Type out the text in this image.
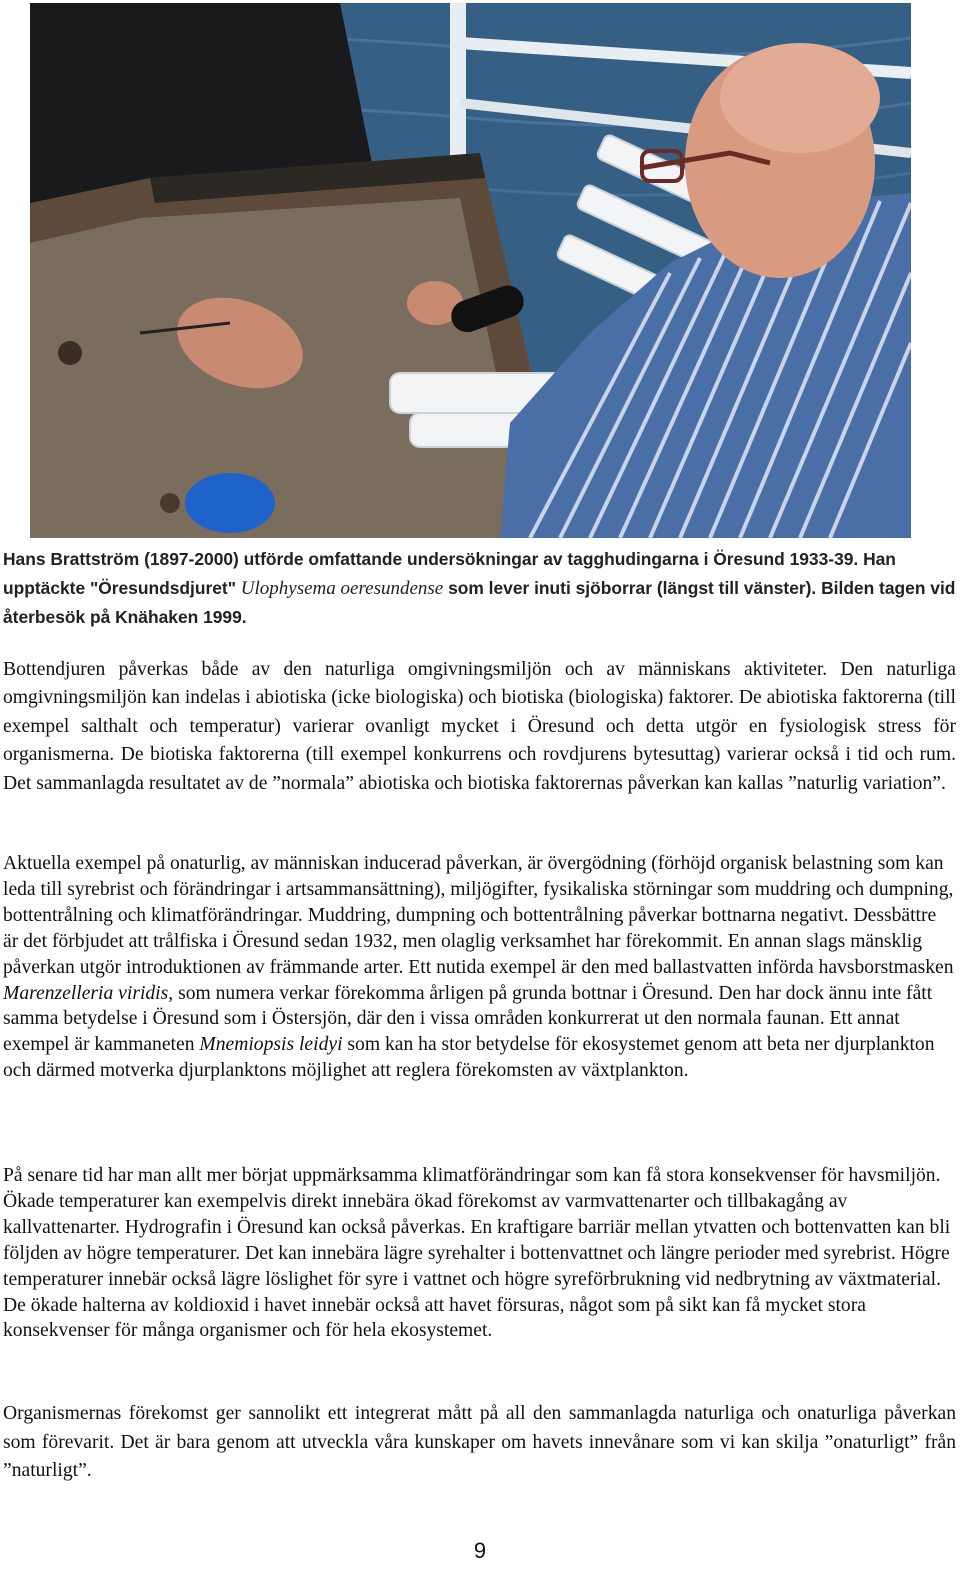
Hans Brattström (1897-2000) utförde omfattande undersökningar av tagghudingarna i Öresund 1933-39. Han upptäckte "Öresundsdjuret" Ulophysema oeresundense som lever inuti sjöborrar (längst till vänster). Bilden tagen vid återbesök på Knähaken 1999.

Bottendjuren påverkas både av den naturliga omgivningsmiljön och av människans aktiviteter. Den naturliga omgivningsmiljön kan indelas i abiotiska (icke biologiska) och biotiska (biologiska) faktorer. De abiotiska faktorerna (till exempel salthalt och temperatur) varierar ovanligt mycket i Öresund och detta utgör en fysiologisk stress för organismerna. De biotiska faktorerna (till exempel konkurrens och rovdjurens bytesuttag) varierar också i tid och rum. Det sammanlagda resultatet av de ”normala” abiotiska och biotiska faktorernas påverkan kan kallas ”naturlig variation”.

Aktuella exempel på onaturlig, av människan inducerad påverkan, är övergödning (förhöjd organisk belastning som kan leda till syrebrist och förändringar i artsammansättning), miljögifter, fysikaliska störningar som muddring och dumpning, bottentrålning och klimatförändringar. Muddring, dumpning och bottentrålning påverkar bottnarna negativt. Dessbättre är det förbjudet att trålfiska i Öresund sedan 1932, men olaglig verksamhet har förekommit. En annan slags mänsklig påverkan utgör introduktionen av främmande arter. Ett nutida exempel är den med ballastvatten införda havsborstmasken Marenzelleria viridis, som numera verkar förekomma årligen på grunda bottnar i Öresund. Den har dock ännu inte fått samma betydelse i Öresund som i Östersjön, där den i vissa områden konkurrerat ut den normala faunan. Ett annat exempel är kammaneten Mnemiopsis leidyi som kan ha stor betydelse för ekosystemet genom att beta ner djurplankton och därmed motverka djurplanktons möjlighet att reglera förekomsten av växtplankton.

På senare tid har man allt mer börjat uppmärksamma klimatförändringar som kan få stora konsekvenser för havsmiljön. Ökade temperaturer kan exempelvis direkt innebära ökad förekomst av varmvattenarter och tillbakagång av kallvattenarter. Hydrografin i Öresund kan också påverkas. En kraftigare barriär mellan ytvatten och bottenvatten kan bli följden av högre temperaturer. Det kan innebära lägre syrehalter i bottenvattnet och längre perioder med syrebrist. Högre temperaturer innebär också lägre löslighet för syre i vattnet och högre syreförbrukning vid nedbrytning av växtmaterial. De ökade halterna av koldioxid i havet innebär också att havet försuras, något som på sikt kan få mycket stora konsekvenser för många organismer och för hela ekosystemet.

Organismernas förekomst ger sannolikt ett integrerat mått på all den sammanlagda naturliga och onaturliga påverkan som förevarit. Det är bara genom att utveckla våra kunskaper om havets innevånare som vi kan skilja ”onaturligt” från ”naturligt”.

9
